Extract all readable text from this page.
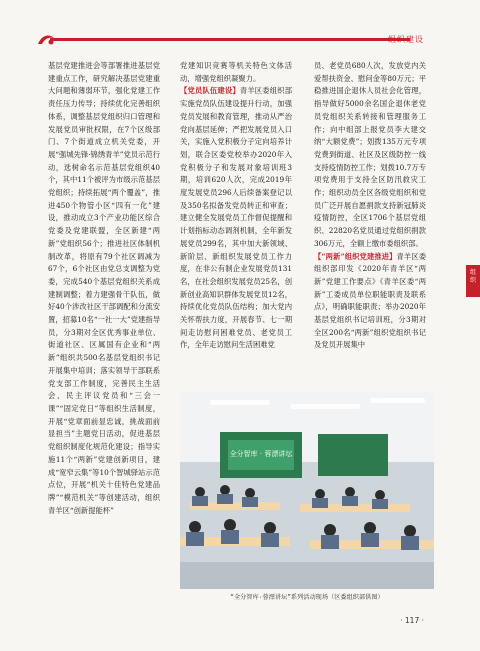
组织建设
组
织
基层党建推进会等部署推进基层党建重点工作，研究解决基层党建重大问题和薄弱环节，强化党建工作责任压力传导；持续优化完善组织体系，调整基层党组织归口管理和发展党员审批权限，在7个区级部门、7个街道成立机关党委，开展“强城先锋·锦绣青羊”党员示范行动，选树命名示范基层党组织40个，其中11个被评为市级示范基层党组织；持续拓展“两个覆盖”，推进450个物管小区“四有一化”建设，推动成立3个产业功能区综合党委及党建联盟，全区新建“两新”党组织56个；推进社区体制机制改革，将原有79个社区调减为67个，6个社区由党总支调整为党委，完成540个基层党组织关系成建制调整；着力建强骨干队伍，做好40个涉改社区干部调配和分流安置，招募10名“一社一大”党建指导员，分3期对全区优秀事业单位、街道社区、区属国有企业和“两新”组织共500名基层党组织书记开展集中培训；落实领导干部联系党支部工作制度，完善民主生活会、民主评议党员和“三会一课”“固定党日”等组织生活制度，开展“党章面前显忠诚，挑战面前显担当”主题党日活动，促进基层党组织制度化规范化建设；指导实施11个“两新”党建创新项目，建成“宽窄云集”等10个智城驿站示范点位，开展“机关十佳特色党建品牌”“模范机关”等创建活动，组织青羊区“创新提能杯”
党建知识竞赛等机关特色文体活动，增强党组织凝聚力。
【党员队伍建设】青羊区委组织部实施党员队伍建设提升行动，加强党员发展和教育管理，推动从严治党向基层延伸；严把发展党员入口关，实施入党积极分子定向培养计划，联合区委党校举办2020年入党积极分子和发展对象培训班3期，培训620人次，完成2019年度发展党员296人后续备案登记以及350名拟备发党员转正和审查；建立健全发展党员工作督促提醒和计划指标动态调剂机制，全年新发展党员299名，其中加大新领域、新阶层、新组织发展党员工作力度，在非公有制企业发展党员131名，在社会组织发展党员25名，创新创业高知识群体发展党员12名，持续优化党员队伍结构；加大党内关怀帮扶力度，开展春节、七一期间走访慰问困难党员、老党员工作，全年走访慰问生活困难党
员、老党员680人次，发放党内关爱帮扶资金、慰问金等80万元；平稳推进国企退休人员社会化管理，指导做好5000余名国企退休老党员党组织关系转接和管理服务工作；向中组部上报党员李大建交纳“大额党费”；划拨135万元专项党费到街道、社区及区级防控一线支持疫情防控工作；划拨10.7万专项党费用于支持全区防汛救灾工作；组织动员全区各级党组织和党员广泛开展自愿捐款支持新冠肺炎疫情防控，全区1706个基层党组织、22820名党员通过党组织捐款306万元，全额上缴市委组织部。
【“两新”组织党建推进】青羊区委组织部印发《2020年青羊区“两新”党建工作要点》《青羊区委“两新”工委成员单位职能职责及联系点》，明确职能职责；举办2020年基层党组织书记培训班，分3期对全区200名“两新”组织党组织书记及党员开展集中
全分智库 · 蓉漂讲坛
“全分智库·蓉漂讲坛”系列活动现场（区委组织部供图）
· 117 ·
